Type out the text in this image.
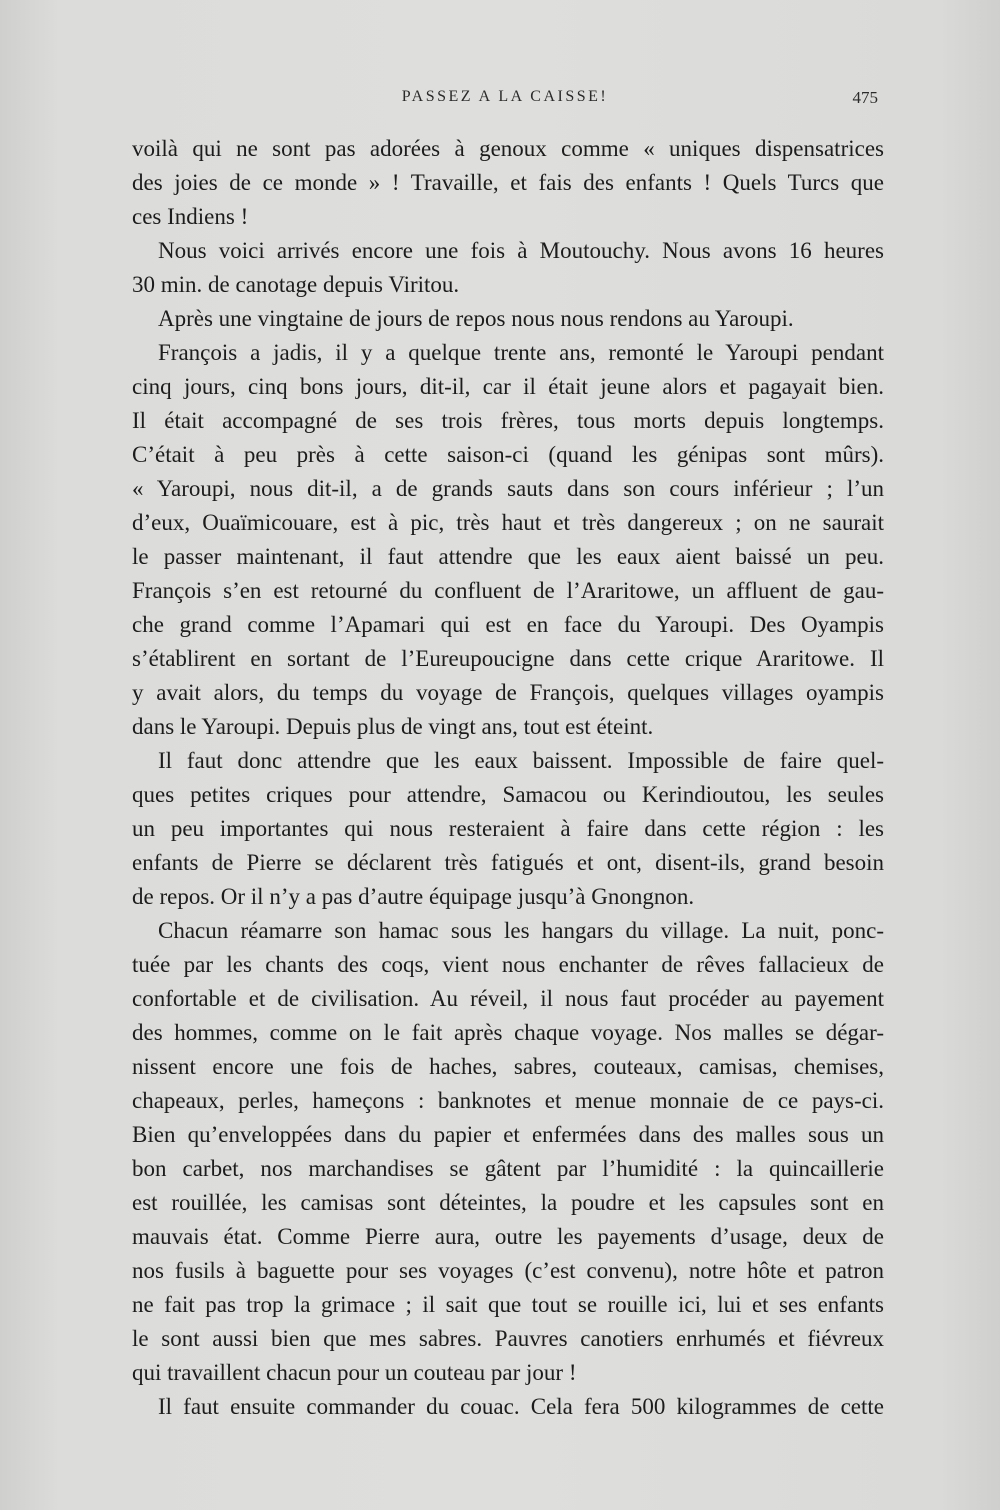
PASSEZ A LA CAISSE!	475
voilà qui ne sont pas adorées à genoux comme « uniques dispensatrices
des joies de ce monde » ! Travaille, et fais des enfants ! Quels Turcs que
ces Indiens !
Nous voici arrivés encore une fois à Moutouchy. Nous avons 16 heures
30 min. de canotage depuis Viritou.
Après une vingtaine de jours de repos nous nous rendons au Yaroupi.
François a jadis, il y a quelque trente ans, remonté le Yaroupi pendant
cinq jours, cinq bons jours, dit-il, car il était jeune alors et pagayait bien.
Il était accompagné de ses trois frères, tous morts depuis longtemps.
C’était à peu près à cette saison-ci (quand les génipas sont mûrs).
« Yaroupi, nous dit-il, a de grands sauts dans son cours inférieur ; l’un
d’eux, Ouaïmicouare, est à pic, très haut et très dangereux ; on ne saurait
le passer maintenant, il faut attendre que les eaux aient baissé un peu.
François s’en est retourné du confluent de l’Araritowe, un affluent de gau-
che grand comme l’Apamari qui est en face du Yaroupi. Des Oyampis
s’établirent en sortant de l’Eureupoucigne dans cette crique Araritowe. Il
y avait alors, du temps du voyage de François, quelques villages oyampis
dans le Yaroupi. Depuis plus de vingt ans, tout est éteint.
Il faut donc attendre que les eaux baissent. Impossible de faire quel-
ques petites criques pour attendre, Samacou ou Kerindioutou, les seules
un peu importantes qui nous resteraient à faire dans cette région : les
enfants de Pierre se déclarent très fatigués et ont, disent-ils, grand besoin
de repos. Or il n’y a pas d’autre équipage jusqu’à Gnongnon.
Chacun réamarre son hamac sous les hangars du village. La nuit, ponc-
tuée par les chants des coqs, vient nous enchanter de rêves fallacieux de
confortable et de civilisation. Au réveil, il nous faut procéder au payement
des hommes, comme on le fait après chaque voyage. Nos malles se dégar-
nissent encore une fois de haches, sabres, couteaux, camisas, chemises,
chapeaux, perles, hameçons : banknotes et menue monnaie de ce pays-ci.
Bien qu’enveloppées dans du papier et enfermées dans des malles sous un
bon carbet, nos marchandises se gâtent par l’humidité : la quincaillerie
est rouillée, les camisas sont déteintes, la poudre et les capsules sont en
mauvais état. Comme Pierre aura, outre les payements d’usage, deux de
nos fusils à baguette pour ses voyages (c’est convenu), notre hôte et patron
ne fait pas trop la grimace ; il sait que tout se rouille ici, lui et ses enfants
le sont aussi bien que mes sabres. Pauvres canotiers enrhumés et fiévreux
qui travaillent chacun pour un couteau par jour !
Il faut ensuite commander du couac. Cela fera 500 kilogrammes de cette
